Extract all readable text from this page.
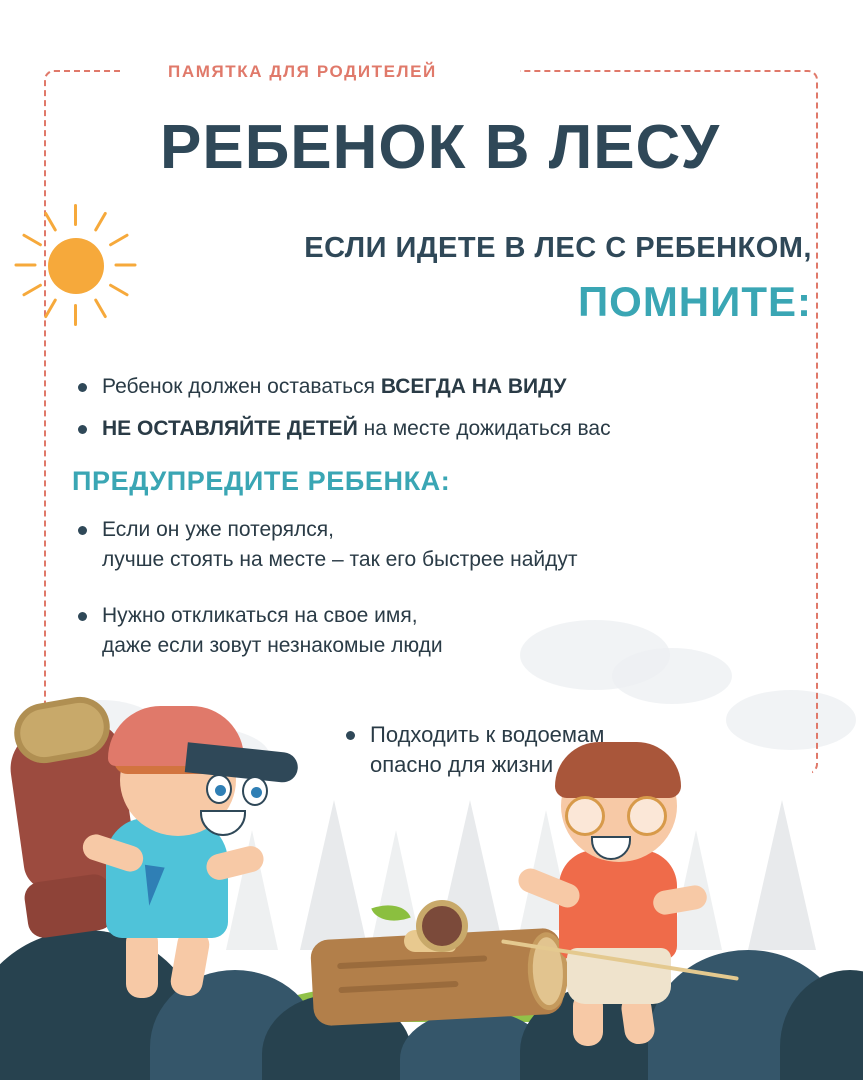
ПАМЯТКА ДЛЯ РОДИТЕЛЕЙ
РЕБЕНОК В ЛЕСУ
ЕСЛИ ИДЕТЕ В ЛЕС С РЕБЕНКОМ,
ПОМНИТЕ:
Ребенок должен оставаться ВСЕГДА НА ВИДУ
НЕ ОСТАВЛЯЙТЕ ДЕТЕЙ на месте дожидаться вас
ПРЕДУПРЕДИТЕ РЕБЕНКА:
Если он уже потерялся,
лучше стоять на месте – так его быстрее найдут
Нужно откликаться на свое имя,
даже если зовут незнакомые люди
Подходить к водоемам
опасно для жизни
